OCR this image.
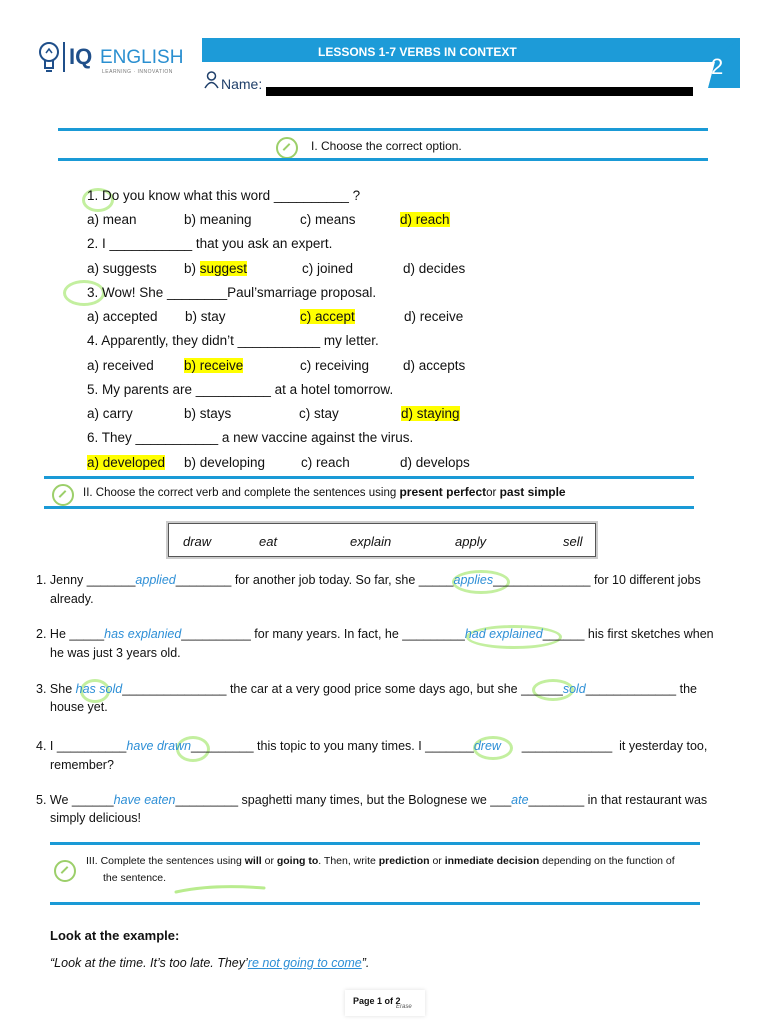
IQ ENGLISH
LEARNING · INNOVATION
LESSONS 1-7 VERBS IN CONTEXT
2
Name:
I. Choose the correct option.
1. Do you know what this word __________ ?
a) mean	b) meaning	c) means	d) reach
2. I ___________ that you ask an expert.
a) suggests b) suggest	c) joined	d) decides
3. Wow! She ________Paul’smarriage proposal.
a) accepted b) stay	c) accept	d) receive
4. Apparently, they didn’t ___________ my letter.
a) received b) receive	c) receiving	d) accepts
5. My parents are __________ at a hotel tomorrow.
a) carry	b) stays	c) stay	d) staying
6. They ___________ a new vaccine against the virus.
a) developed b) developing	c) reach	d) develops
II. Choose the correct verb and complete the sentences using present perfector past simple
draw	eat	explain	apply	sell
1. Jenny _______applied________ for another job today. So far, she _____applies______________ for 10 different jobs
already.
2. He _____has explanied__________ for many years. In fact, he _________had explained______ his first sketches when
he was just 3 years old.
3. She has sold_______________ the car at a very good price some days ago, but she ______sold_____________ the
house yet.
4. I __________have drawn_________ this topic to you many times. I _______drew      _____________  it yesterday too,
remember?
5. We ______have eaten_________ spaghetti many times, but the Bolognese we ___ate________ in that restaurant was
simply delicious!
III. Complete the sentences using will or going to. Then, write prediction or inmediate decision depending on the function of
the sentence.
Look at the example:
“Look at the time. It’s too late. They’re not going to come”.
Page 1 of 2
Erase
